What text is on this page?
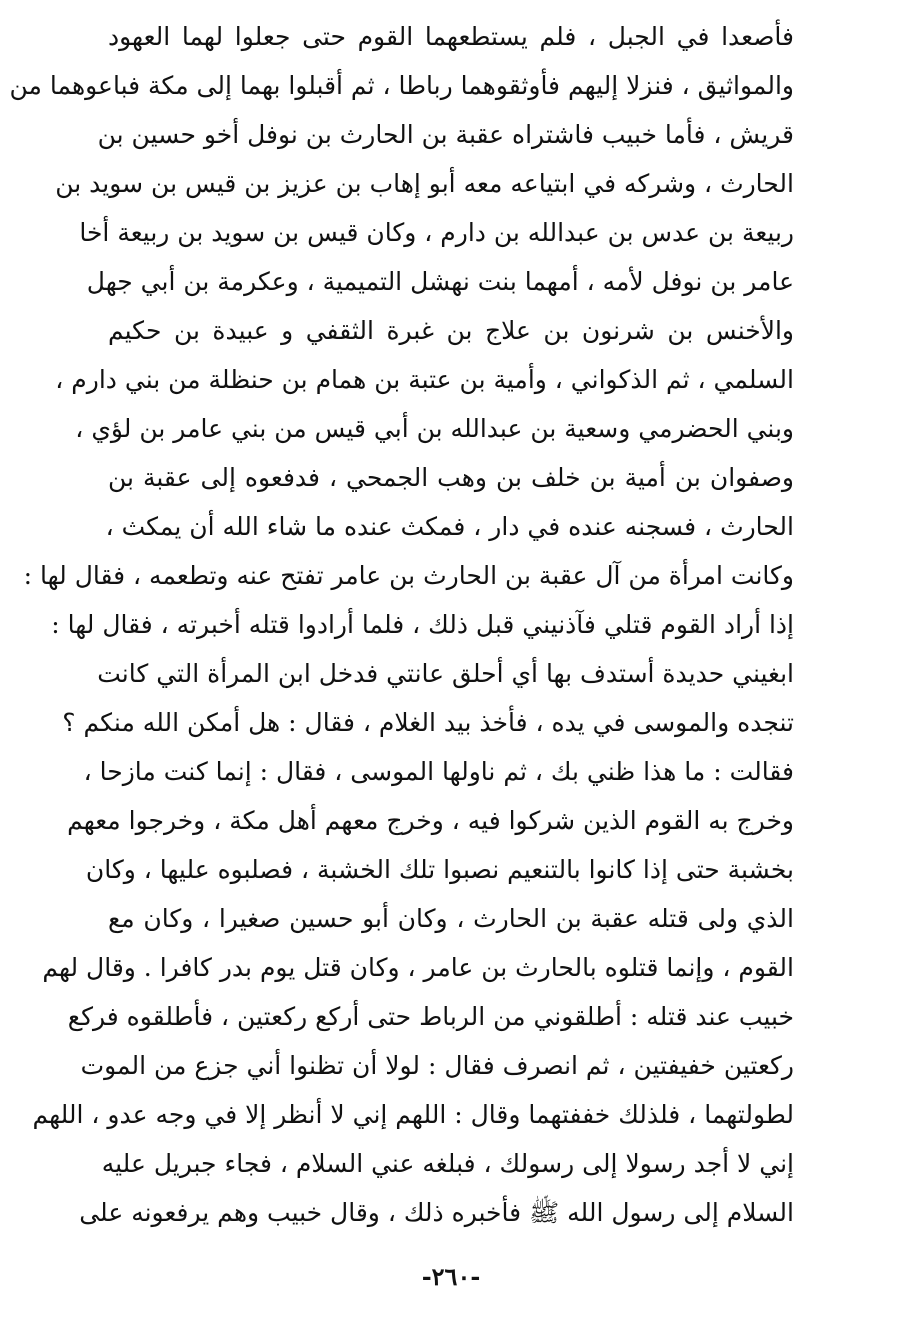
فأصعدا في الجبل ، فلم يستطعهما القوم حتى جعلوا لهما العهود
والمواثيق ، فنزلا إليهم فأوثقوهما رباطا ، ثم أقبلوا بهما إلى مكة فباعوهما من
قريش ، فأما خبيب فاشتراه عقبة بن الحارث بن نوفل أخو حسين بن
الحارث ، وشركه في ابتياعه معه أبو إهاب بن عزيز بن قيس بن سويد بن
ربيعة بن عدس بن عبدالله بن دارم ، وكان قيس بن سويد بن ربيعة أخا
عامر بن نوفل لأمه ، أمهما بنت نهشل التميمية ، وعكرمة بن أبي جهل
والأخنس بن شرنون بن علاج بن غبرة الثقفي و عبيدة بن حكيم
السلمي ، ثم الذكواني ، وأمية بن عتبة بن همام بن حنظلة من بني دارم ،
وبني الحضرمي وسعية بن عبدالله بن أبي قيس من بني عامر بن لؤي ،
وصفوان بن أمية بن خلف بن وهب الجمحي ، فدفعوه إلى عقبة بن
الحارث ، فسجنه عنده في دار ، فمكث عنده ما شاء الله أن يمكث ،
وكانت امرأة من آل عقبة بن الحارث بن عامر تفتح عنه وتطعمه ، فقال لها :
إذا أراد القوم قتلي فآذنيني قبل ذلك ، فلما أرادوا قتله أخبرته ، فقال لها :
ابغيني حديدة أستدف بها أي أحلق عانتي فدخل ابن المرأة التي كانت
تنجده والموسى في يده ، فأخذ بيد الغلام ، فقال : هل أمكن الله منكم ؟
فقالت : ما هذا ظني بك ، ثم ناولها الموسى ، فقال : إنما كنت مازحا ،
وخرج به القوم الذين شركوا فيه ، وخرج معهم أهل مكة ، وخرجوا معهم
بخشبة حتى إذا كانوا بالتنعيم نصبوا تلك الخشبة ، فصلبوه عليها ، وكان
الذي ولى قتله عقبة بن الحارث ، وكان أبو حسين صغيرا ، وكان مع
القوم ، وإنما قتلوه بالحارث بن عامر ، وكان قتل يوم بدر كافرا . وقال لهم
خبيب عند قتله : أطلقوني من الرباط حتى أركع ركعتين ، فأطلقوه فركع
ركعتين خفيفتين ، ثم انصرف فقال : لولا أن تظنوا أني جزع من الموت
لطولتهما ، فلذلك خففتهما وقال : اللهم إني لا أنظر إلا في وجه عدو ، اللهم
إني لا أجد رسولا إلى رسولك ، فبلغه عني السلام ، فجاء جبريل عليه
السلام إلى رسول الله ﷺ فأخبره ذلك ، وقال خبيب وهم يرفعونه على
-٢٦٠-
